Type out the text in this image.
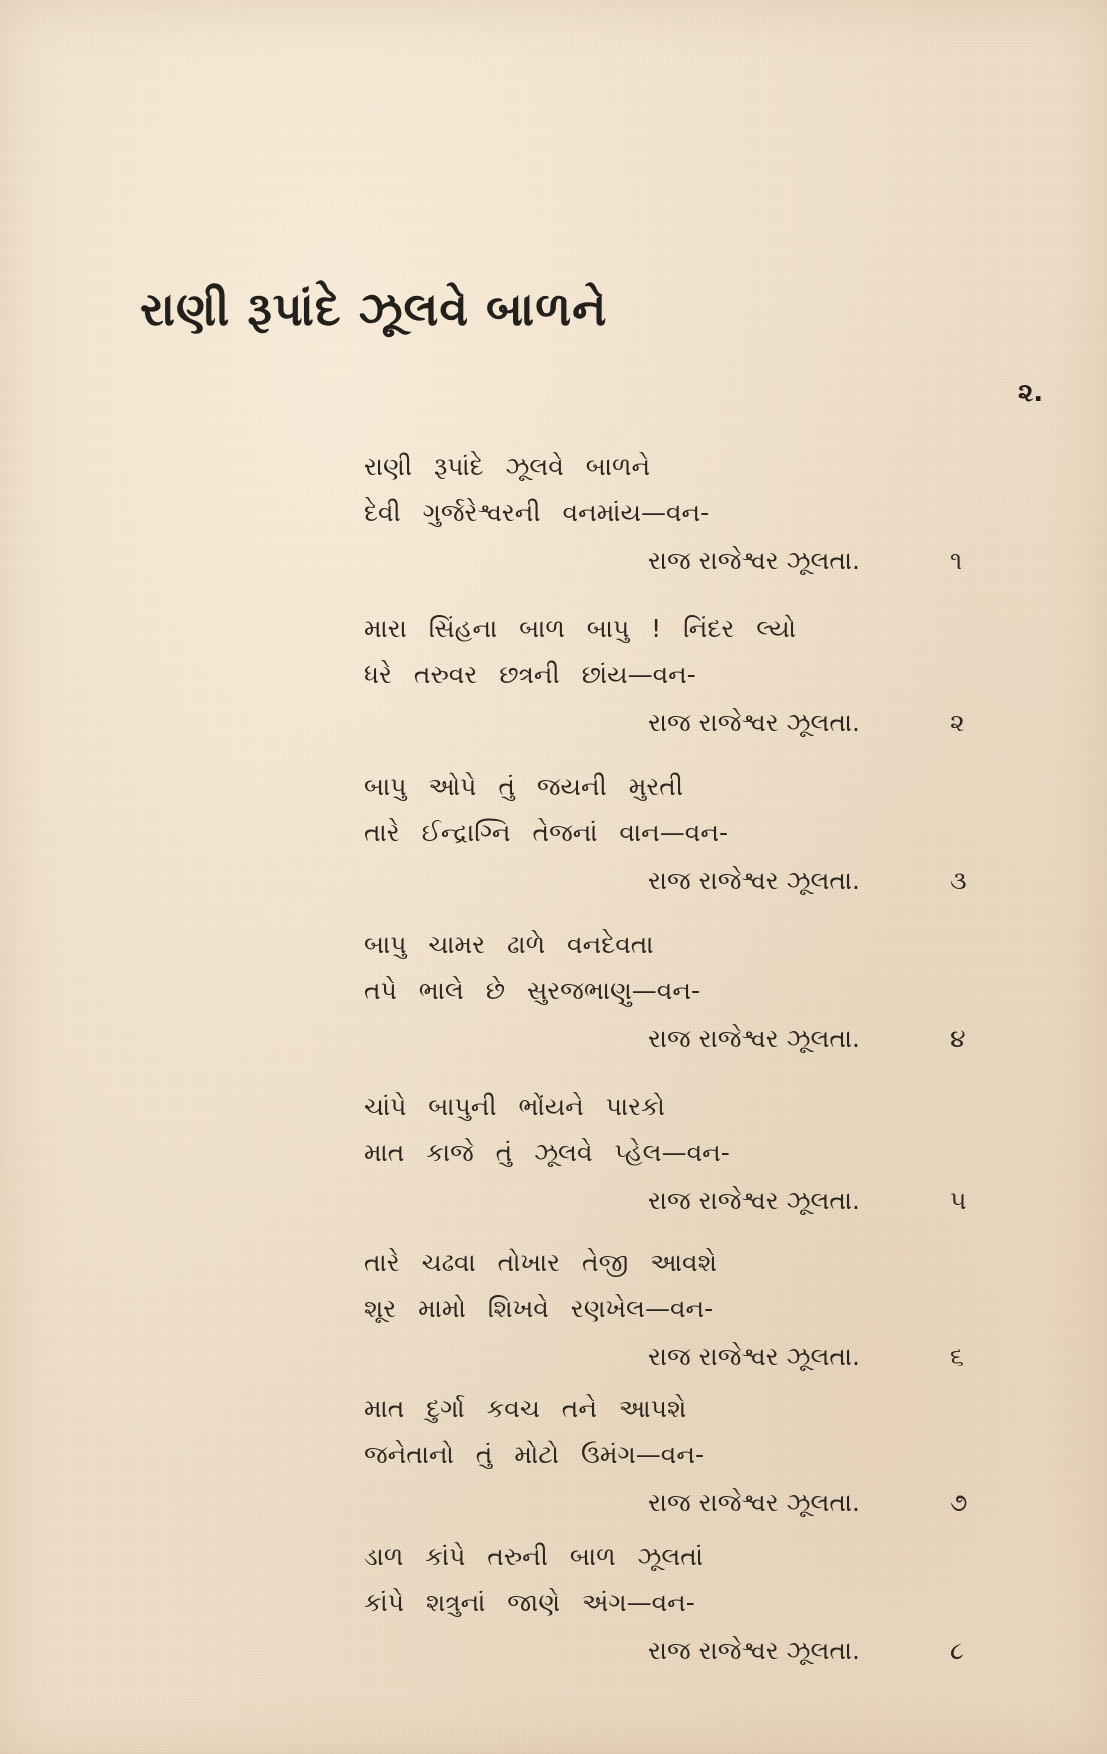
રાણી રૂપાંદે ઝૂલવે બાળને
૨.
રાણી રૂપાંદે ઝૂલવે બાળને
દેવી ગુર્જરેશ્વરની વનમાંય—વન-
રાજ રાજેશ્વર ઝૂલતા.	૧
મારા સિંહના બાળ બાપુ ! નિંદર લ્યો
ધરે તરુવર છત્રની છાંય—વન-
રાજ રાજેશ્વર ઝૂલતા.	૨
બાપુ ઓપે તું જયની મુરતી
તારે ઈન્દ્રાગ્નિ તેજનાં વાન—વન-
રાજ રાજેશ્વર ઝૂલતા.	૩
બાપુ ચામર ઢાળે વનદેવતા
તપે ભાલે છે સુરજભાણુ—વન-
રાજ રાજેશ્વર ઝૂલતા.	૪
ચાંપે બાપુની ભોંયને પારકો
માત કાજે તું ઝૂલવે પ્હેલ—વન-
રાજ રાજેશ્વર ઝૂલતા.	૫
તારે ચઢવા તોખાર તેજી આવશે
શૂર મામો શિખવે રણખેલ—વન-
રાજ રાજેશ્વર ઝૂલતા.	૬
માત દુર્ગા કવચ તને આપશે
જનેતાનો તું મોટો ઉમંગ—વન-
રાજ રાજેશ્વર ઝૂલતા.	૭
ડાળ કાંપે તરુની બાળ ઝૂલતાં
કાંપે શત્રુનાં જાણે અંગ—વન-
રાજ રાજેશ્વર ઝૂલતા.	૮
